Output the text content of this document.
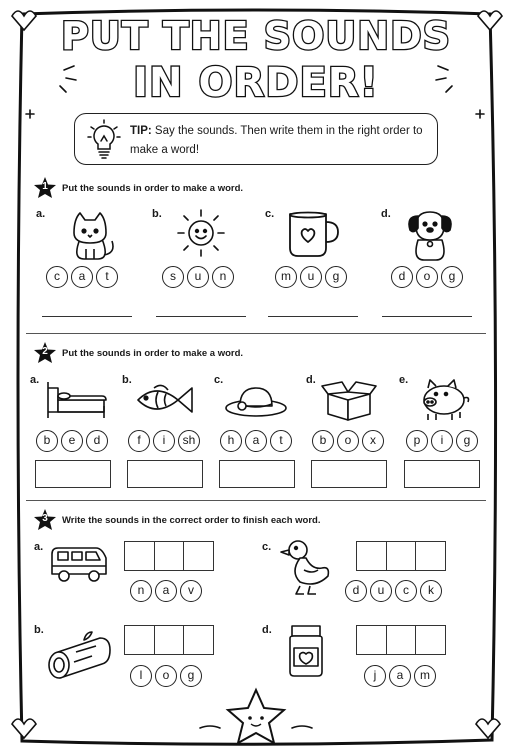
PUT THE SOUNDS
IN ORDER!
TIP: Say the sounds. Then write them in the right order to make a word!
1	Put the sounds in order to make a word.
a.	b.	c.	d.
c	a	t	s	u	n	m	u	g	d	o	g
2	Put the sounds in order to make a word.
a.	b.	c.	d.	e.
b	e	d	f	i	sh	h	a	t	b	o	x	p	i	g
3	Write the sounds in the correct order to finish each word.
a.	c.
b.	d.
n	a	v	d	u	c	k
l	o	g	j	a	m
